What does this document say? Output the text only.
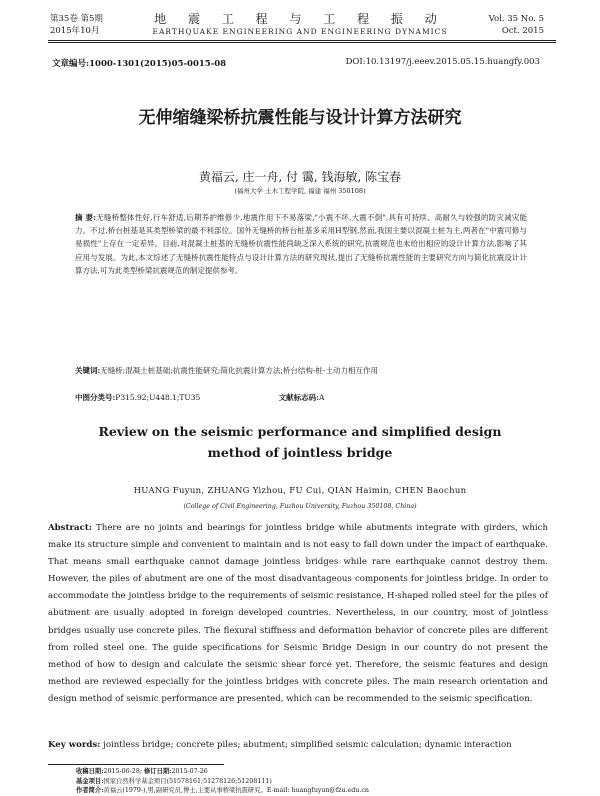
第35卷 第5期
2015年10月
地 震 工 程 与 工 程 振 动
EARTHQUAKE ENGINEERING AND ENGINEERING DYNAMICS
Vol. 35 No. 5
Oct. 2015
文章编号:1000-1301(2015)05-0015-08	DOI:10.13197/j.eeev.2015.05.15.huangfy.003
无伸缩缝梁桥抗震性能与设计计算方法研究
黄福云, 庄一舟, 付 霭, 钱海敏, 陈宝春
(福州大学 土木工程学院, 福建 福州 350108)
摘 要:无缝桥整体性好,行车舒适,后期养护维修少,地震作用下不易落梁,"小震不坏,大震不倒",具有可持续、高耐久与较强的防灾减灾能力。不过,桥台桩基是其类型桥梁的最不利部位。国外无缝桥的桥台桩基多采用H型钢,然而,我国主要以混凝土桩为主,两者在"中震可修与易损性"上存在一定差异。目前,对混凝土桩基的无缝桥抗震性能尚缺乏深入系统的研究,抗震规范也未给出相应的设计计算方法,影响了其应用与发展。为此,本文综述了无缝桥抗震性能特点与设计计算方法的研究现状,提出了无缝桥抗震性能的主要研究方向与简化抗震设计计算方法,可为此类型桥梁抗震规范的制定提供参考。
关键词:无缝桥;混凝土桩基础;抗震性能研究;简化抗震计算方法;桥台结构-桩-土动力相互作用
中图分类号:P315.92;U448.1;TU35	文献标志码:A
Review on the seismic performance and simplified design
method of jointless bridge
HUANG Fuyun, ZHUANG Yizhou, FU Cui, QIAN Haimin, CHEN Baochun
(College of Civil Engineering, Fuzhou University, Fuzhou 350108, China)
Abstract: There are no joints and bearings for jointless bridge while abutments integrate with girders, which make its structure simple and convenient to maintain and is not easy to fall down under the impact of earthquake. That means small earthquake cannot damage jointless bridges while rare earthquake cannot destroy them. However, the piles of abutment are one of the most disadvantageous components for jointless bridge. In order to accommodate the jointless bridge to the requirements of seismic resistance, H-shaped rolled steel for the piles of abutment are usually adopted in foreign developed countries. Nevertheless, in our country, most of jointless bridges usually use concrete piles. The flexural stiffness and deformation behavior of concrete piles are different from rolled steel one. The guide specifications for Seismic Bridge Design in our country do not present the method of how to design and calculate the seismic shear force yet. Therefore, the seismic features and design method are reviewed especially for the jointless bridges with concrete piles. The main research orientation and design method of seismic performance are presented, which can be recommended to the seismic specification.
Key words: jointless bridge; concrete piles; abutment; simplified seismic calculation; dynamic interaction
收稿日期:2015-06-28; 修订日期:2015-07-26
基金项目:国家自然科学基金项目(51578161;51278126;51208111)
作者简介:黄福云(1979-),男,副研究员,博士,主要从事桥梁抗震研究。E-mail: huangfuyun@fzu.edu.cn
